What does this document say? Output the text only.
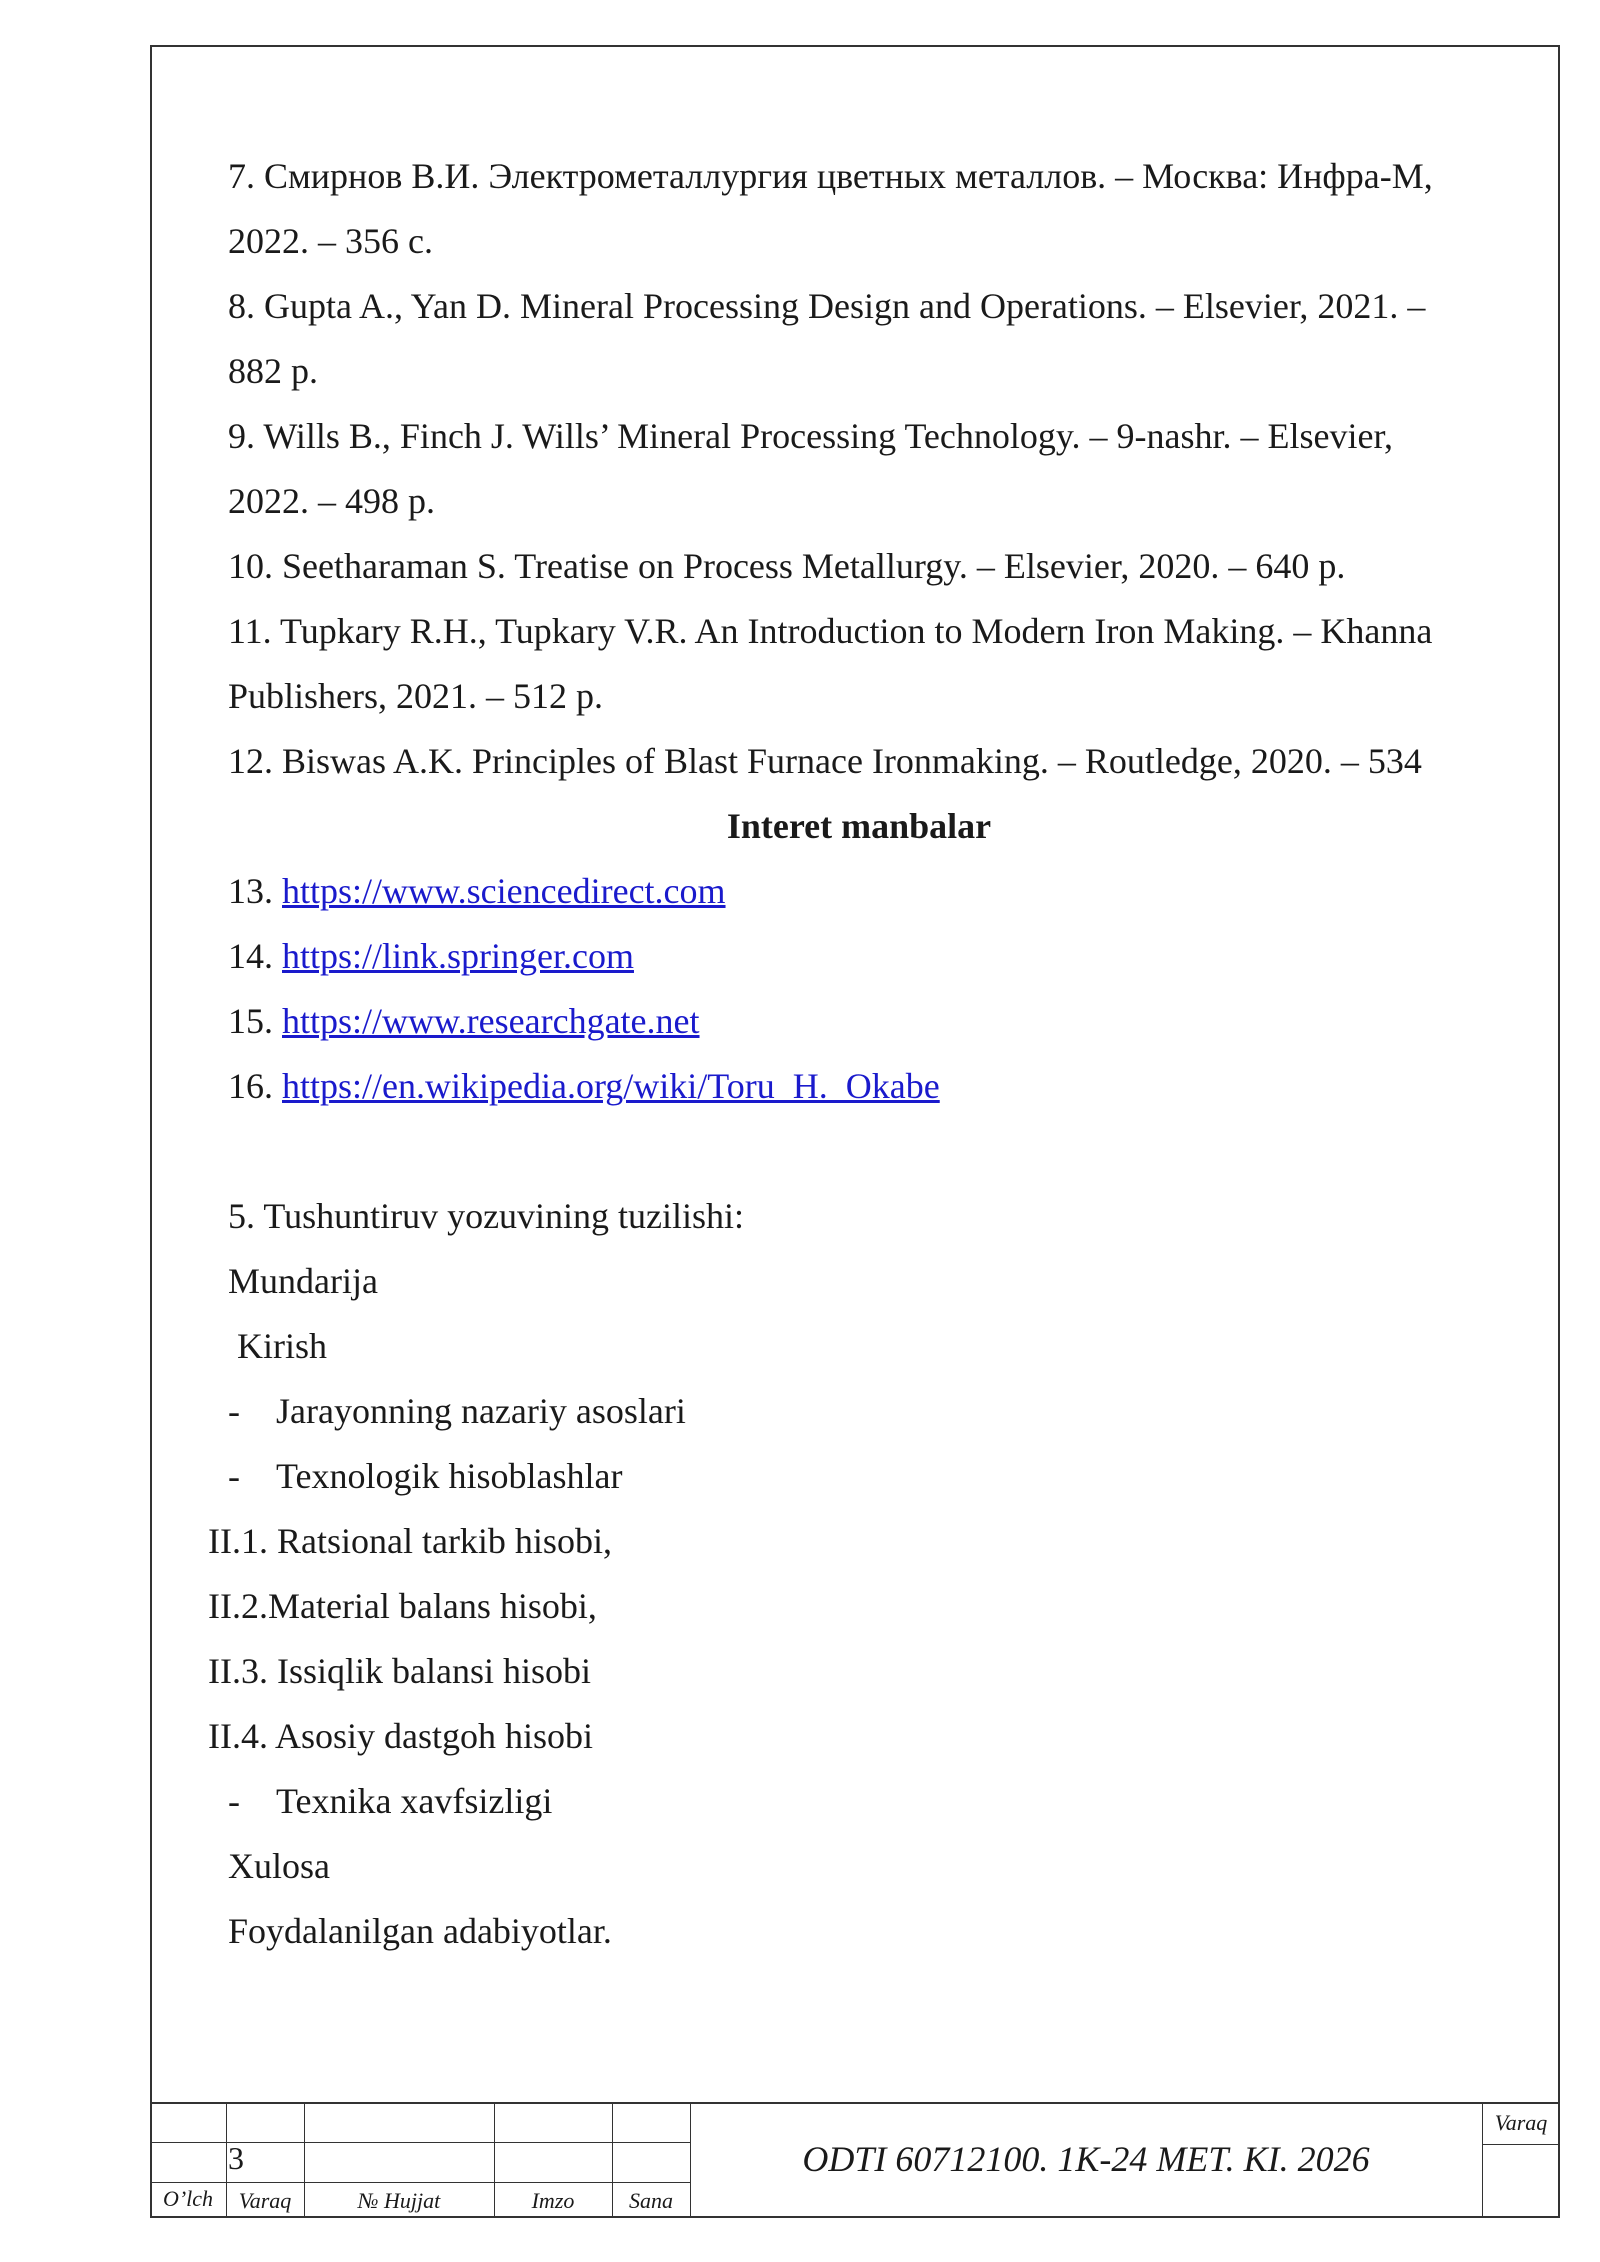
7. Смирнов В.И. Электрометаллургия цветных металлов. – Москва: Инфра-М,
2022. – 356 с.
8. Gupta A., Yan D. Mineral Processing Design and Operations. – Elsevier, 2021. –
882 p.
9. Wills B., Finch J. Wills’ Mineral Processing Technology. – 9-nashr. – Elsevier,
2022. – 498 p.
10. Seetharaman S. Treatise on Process Metallurgy. – Elsevier, 2020. – 640 p.
11. Tupkary R.H., Tupkary V.R. An Introduction to Modern Iron Making. – Khanna
Publishers, 2021. – 512 p.
12. Biswas A.K. Principles of Blast Furnace Ironmaking. – Routledge, 2020. – 534
Interet manbalar
13. https://www.sciencedirect.com
14. https://link.springer.com
15. https://www.researchgate.net
16. https://en.wikipedia.org/wiki/Toru_H._Okabe
5. Tushuntiruv yozuvining tuzilishi:
Mundarija
Kirish
-	Jarayonning nazariy asoslari
-	Texnologik hisoblashlar
II.1. Ratsional tarkib hisobi,
II.2.Material balans hisobi,
II.3. Issiqlik balansi hisobi
II.4. Asosiy dastgoh hisobi
-	Texnika xavfsizligi
Xulosa
Foydalanilgan adabiyotlar.
3	ODTI 60712100. 1K-24 MET. KI. 2026
O’lch	Varaq	№ Hujjat	Imzo	Sana
Varaq
